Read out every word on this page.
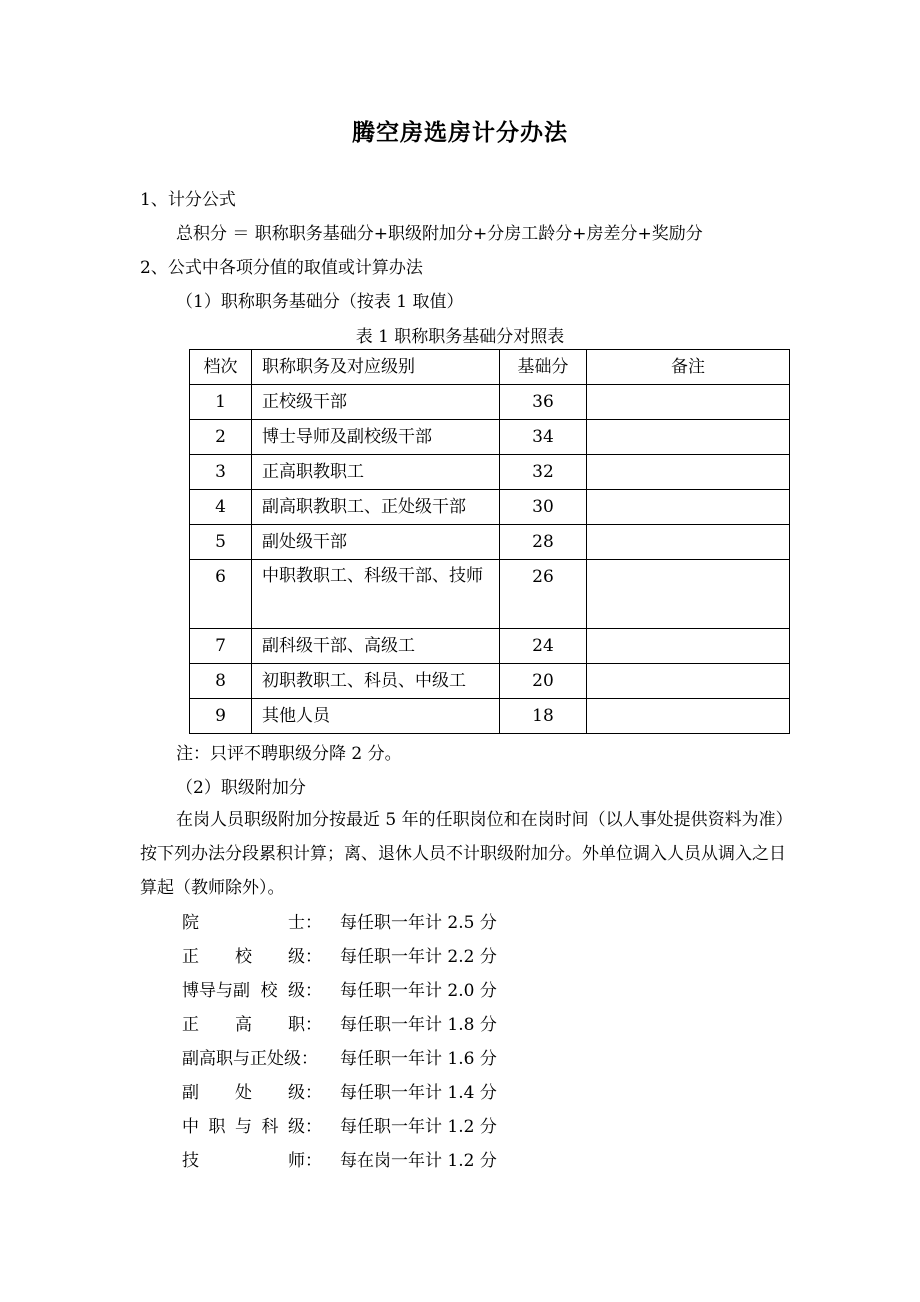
腾空房选房计分办法
1、计分公式
总积分 ＝ 职称职务基础分+职级附加分+分房工龄分+房差分+奖励分
2、公式中各项分值的取值或计算办法
（1）职称职务基础分（按表 1 取值）
表 1 职称职务基础分对照表
档次	职称职务及对应级别	基础分	备注
1	正校级干部	36	
2	博士导师及副校级干部	34	
3	正高职教职工	32	
4	副高职教职工、正处级干部	30	
5	副处级干部	28	
6	中职教职工、科级干部、技师	26	
7	副科级干部、高级工	24	
8	初职教职工、科员、中级工	20	
9	其他人员	18	
注：只评不聘职级分降 2 分。
（2）职级附加分
在岗人员职级附加分按最近 5 年的任职岗位和在岗时间（以人事处提供资料为准）按下列办法分段累积计算；离、退休人员不计职级附加分。外单位调入人员从调入之日算起（教师除外）。
院	士： 每任职一年计 2.5 分
正 校 级： 每任职一年计 2.2 分
博导与副 校 级： 每任职一年计 2.0 分
正 高 职： 每任职一年计 1.8 分
副高职与正处级： 每任职一年计 1.6 分
副 处 级： 每任职一年计 1.4 分
中 职 与 科 级： 每任职一年计 1.2 分
技	师： 每在岗一年计 1.2 分
